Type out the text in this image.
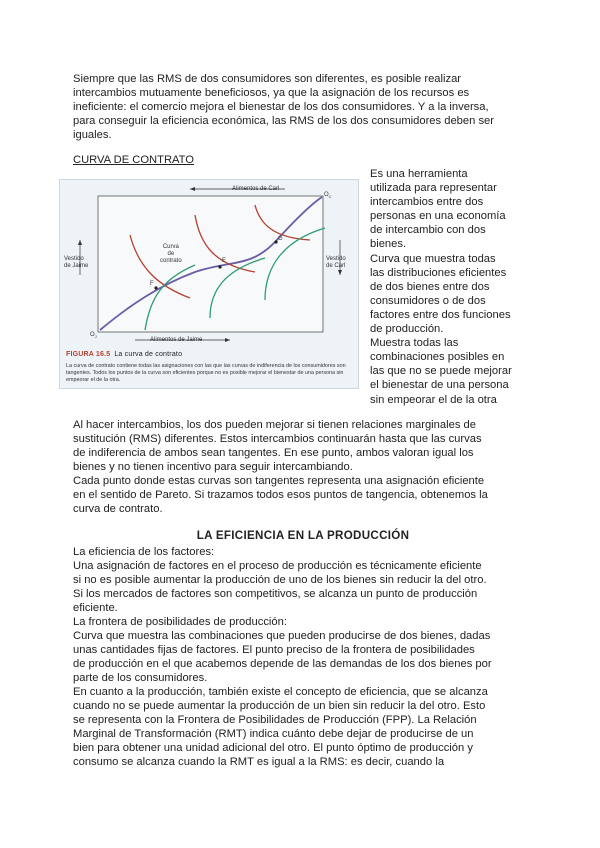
Siempre que las RMS de dos consumidores son diferentes, es posible realizar
intercambios mutuamente beneficiosos, ya que la asignación de los recursos es
ineficiente: el comercio mejora el bienestar de los dos consumidores. Y a la inversa,
para conseguir la eficiencia económica, las RMS de los dos consumidores deben ser
iguales.
CURVA DE CONTRATO
Alimentos de Carl
Alimentos de Jaime
Vestido
de Jaime
Vestido
de Carl
Curva
de
contrato
$O_C$
$O_J$
E
F
G
FIGURA 16.5 La curva de contrato
La curva de contrato contiene todas las asignaciones con las que las curvas de indiferencia de los consumidores son tangentes. Todos los puntos de la curva son eficientes porque no es posible mejorar el bienestar de una persona sin empeorar el de la otra.
Es una herramienta
utilizada para representar
intercambios entre dos
personas en una economía
de intercambio con dos
bienes.
Curva que muestra todas
las distribuciones eficientes
de dos bienes entre dos
consumidores o de dos
factores entre dos funciones
de producción.
Muestra todas las
combinaciones posibles en
las que no se puede mejorar
el bienestar de una persona
sin empeorar el de la otra
Al hacer intercambios, los dos pueden mejorar si tienen relaciones marginales de
sustitución (RMS) diferentes. Estos intercambios continuarán hasta que las curvas
de indiferencia de ambos sean tangentes. En ese punto, ambos valoran igual los
bienes y no tienen incentivo para seguir intercambiando.
Cada punto donde estas curvas son tangentes representa una asignación eficiente
en el sentido de Pareto. Si trazamos todos esos puntos de tangencia, obtenemos la
curva de contrato.
LA EFICIENCIA EN LA PRODUCCIÓN
La eficiencia de los factores:
Una asignación de factores en el proceso de producción es técnicamente eficiente
si no es posible aumentar la producción de uno de los bienes sin reducir la del otro.
Si los mercados de factores son competitivos, se alcanza un punto de producción
eficiente.
La frontera de posibilidades de producción:
Curva que muestra las combinaciones que pueden producirse de dos bienes, dadas
unas cantidades fijas de factores. El punto preciso de la frontera de posibilidades
de producción en el que acabemos depende de las demandas de los dos bienes por
parte de los consumidores.
En cuanto a la producción, también existe el concepto de eficiencia, que se alcanza
cuando no se puede aumentar la producción de un bien sin reducir la del otro. Esto
se representa con la Frontera de Posibilidades de Producción (FPP). La Relación
Marginal de Transformación (RMT) indica cuánto debe dejar de producirse de un
bien para obtener una unidad adicional del otro. El punto óptimo de producción y
consumo se alcanza cuando la RMT es igual a la RMS: es decir, cuando la
